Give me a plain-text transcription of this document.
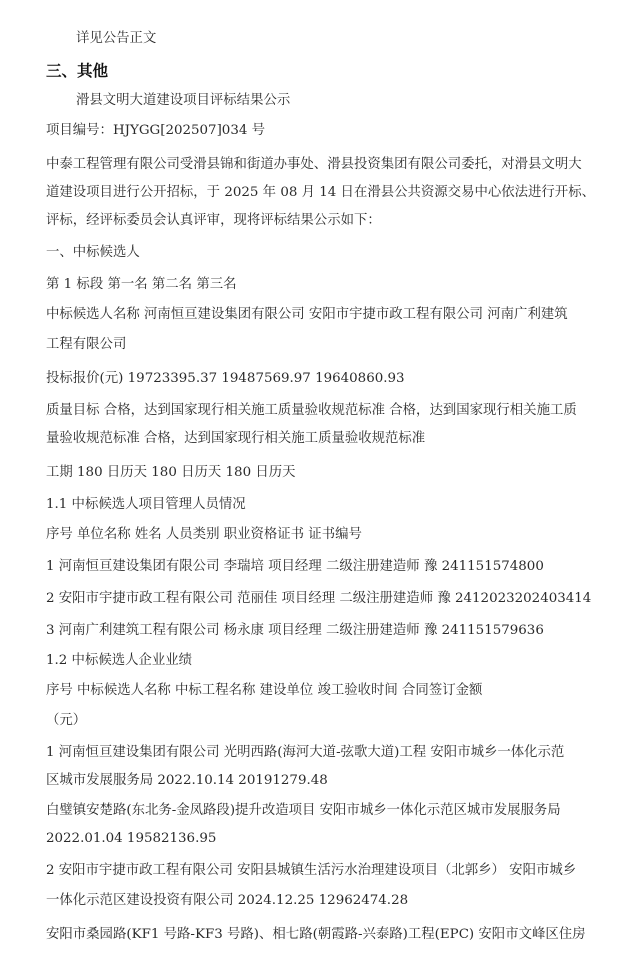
详见公告正文
三、其他
滑县文明大道建设项目评标结果公示
项目编号：HJYGG[202507]034 号
中泰工程管理有限公司受滑县锦和街道办事处、滑县投资集团有限公司委托，对滑县文明大
道建设项目进行公开招标，于 2025 年 08 月 14 日在滑县公共资源交易中心依法进行开标、
评标，经评标委员会认真评审，现将评标结果公示如下：
一、中标候选人
第 1 标段 第一名 第二名 第三名
中标候选人名称 河南恒亘建设集团有限公司 安阳市宇捷市政工程有限公司 河南广利建筑
工程有限公司
投标报价(元) 19723395.37 19487569.97 19640860.93
质量目标 合格，达到国家现行相关施工质量验收规范标准 合格，达到国家现行相关施工质
量验收规范标准 合格，达到国家现行相关施工质量验收规范标准
工期 180 日历天 180 日历天 180 日历天
1.1 中标候选人项目管理人员情况
序号 单位名称 姓名 人员类别 职业资格证书 证书编号
1 河南恒亘建设集团有限公司 李瑞培 项目经理 二级注册建造师 豫 241151574800
2 安阳市宇捷市政工程有限公司 范丽佳 项目经理 二级注册建造师 豫 2412023202403414
3 河南广利建筑工程有限公司 杨永康 项目经理 二级注册建造师 豫 241151579636
1.2 中标候选人企业业绩
序号 中标候选人名称 中标工程名称 建设单位 竣工验收时间 合同签订金额
（元）
1 河南恒亘建设集团有限公司 光明西路(海河大道-弦歌大道)工程 安阳市城乡一体化示范
区城市发展服务局 2022.10.14 20191279.48
白璧镇安楚路(东北务-金凤路段)提升改造项目 安阳市城乡一体化示范区城市发展服务局
2022.01.04 19582136.95
2 安阳市宇捷市政工程有限公司 安阳县城镇生活污水治理建设项目（北郭乡） 安阳市城乡
一体化示范区建设投资有限公司 2024.12.25 12962474.28
安阳市桑园路(KF1 号路-KF3 号路)、相七路(朝霞路-兴泰路)工程(EPC) 安阳市文峰区住房
